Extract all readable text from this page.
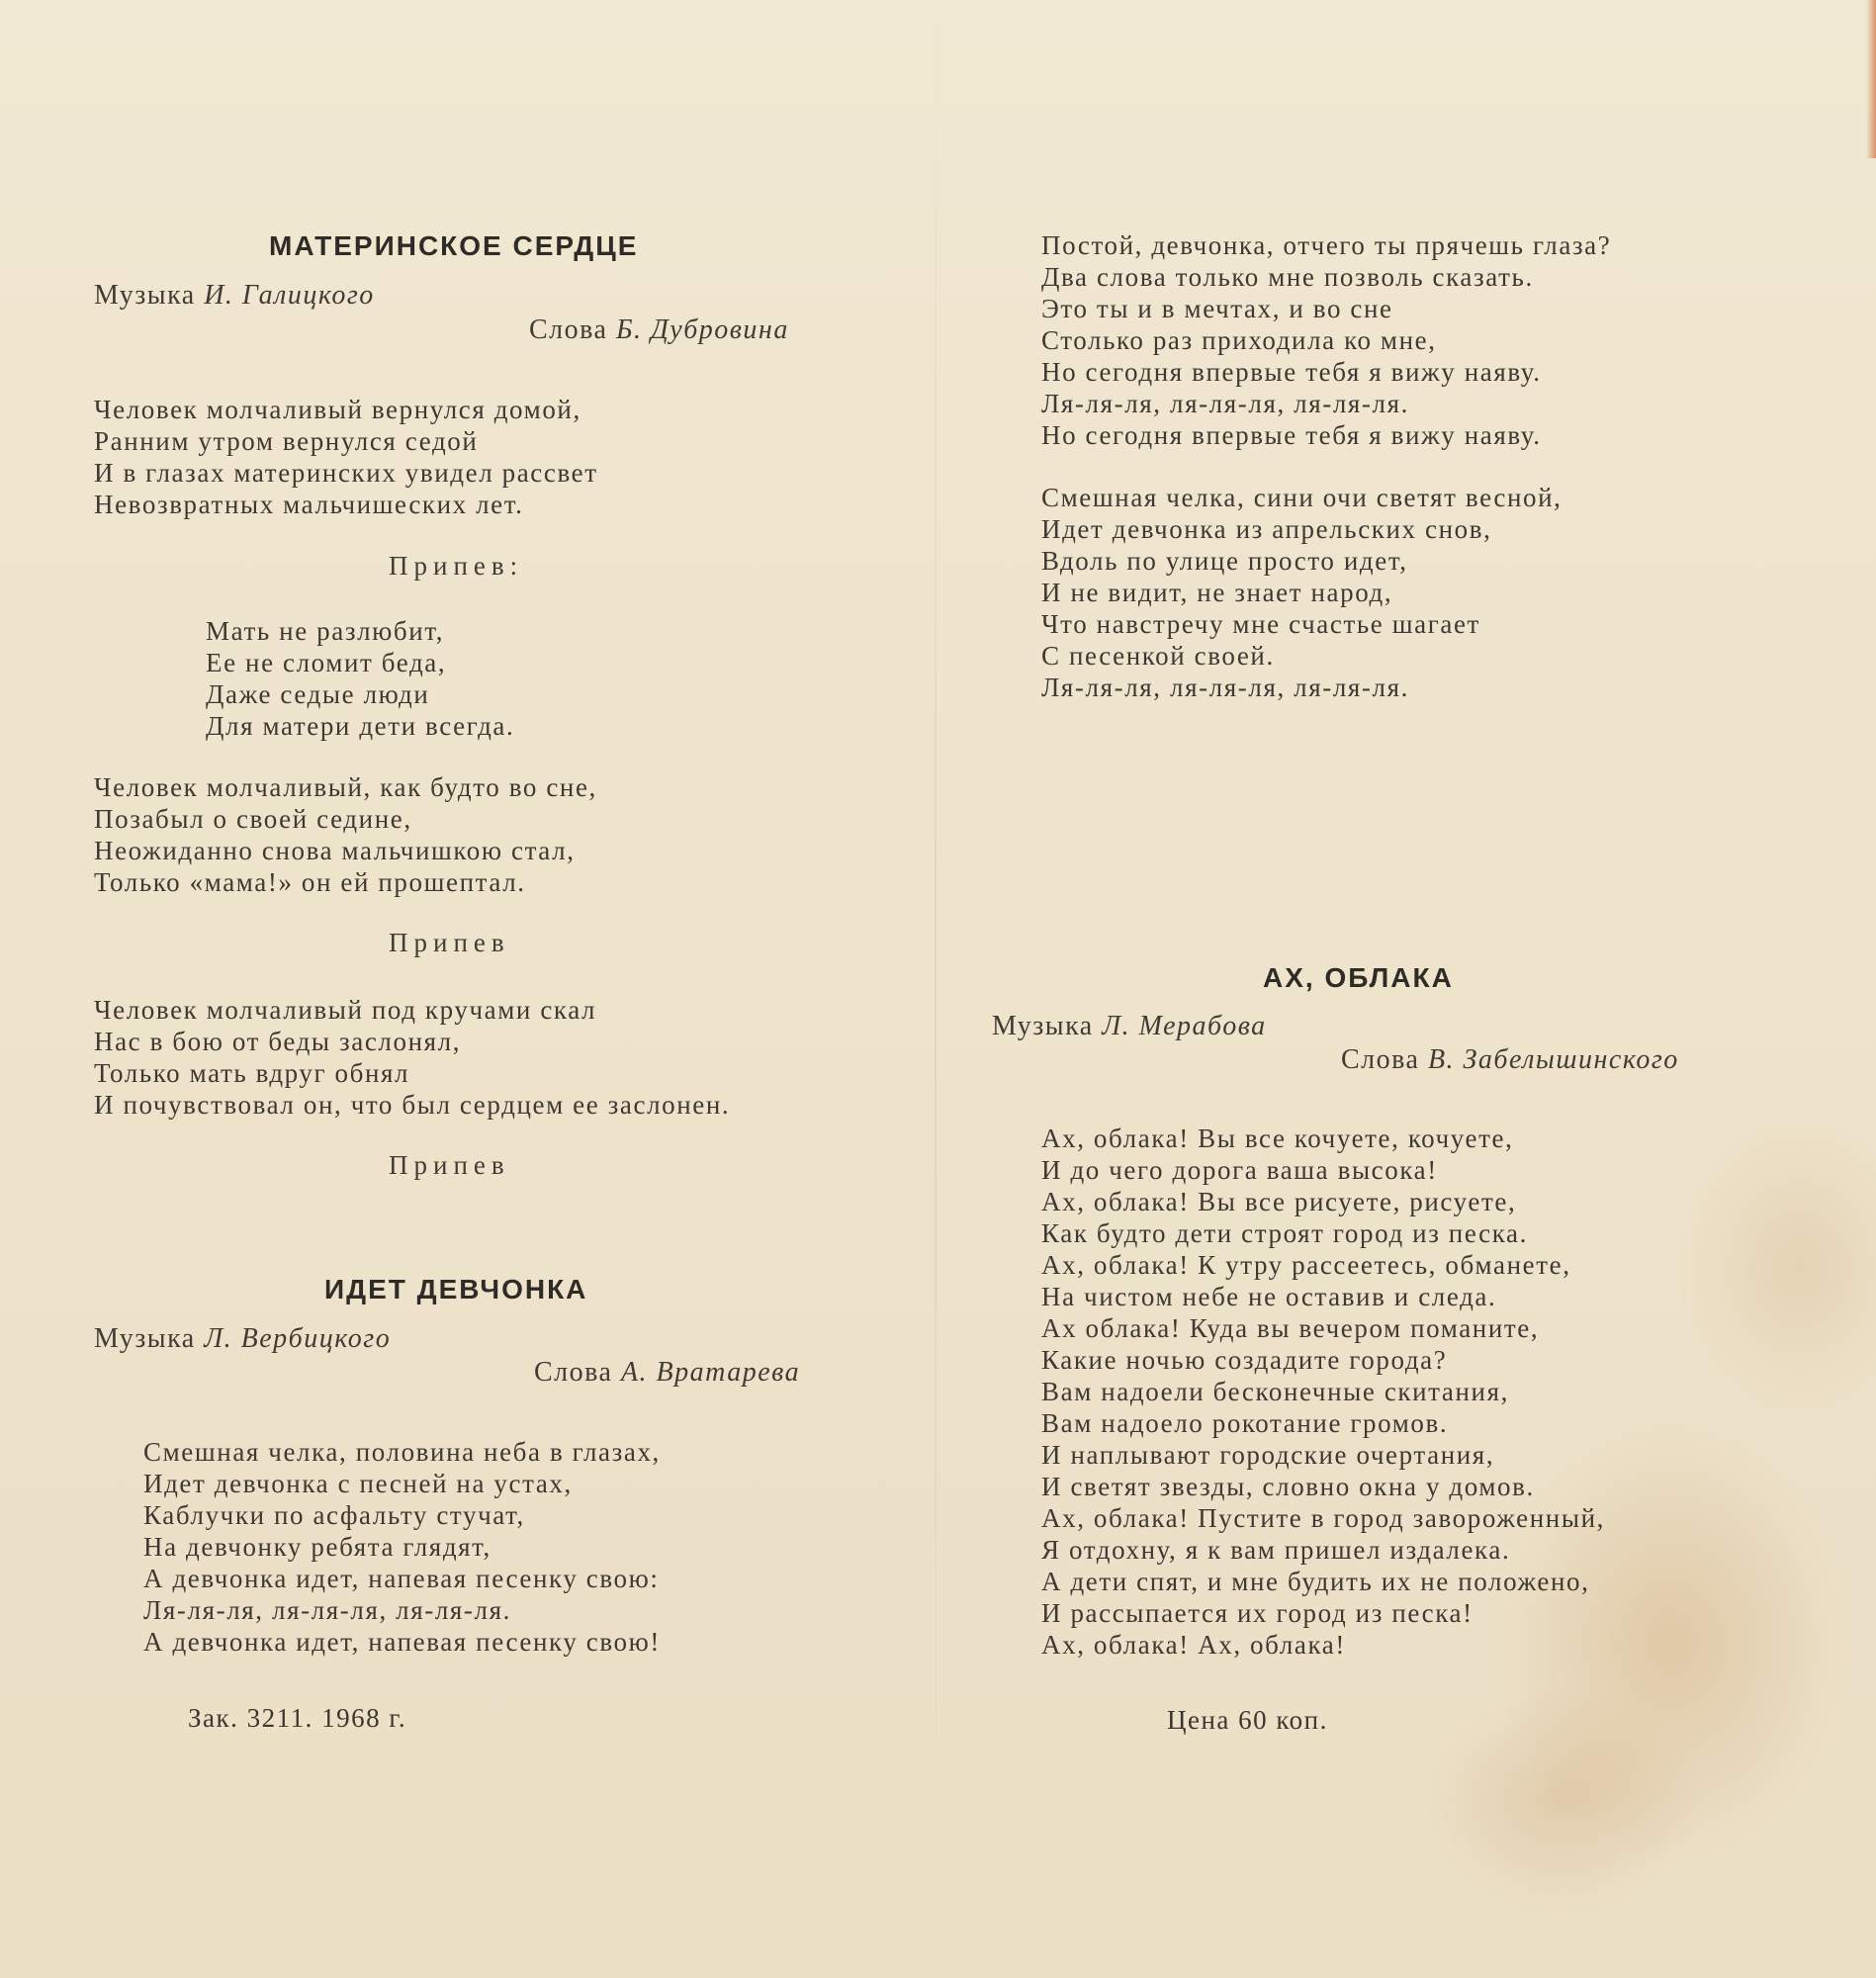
МАТЕРИНСКОЕ СЕРДЦЕ
Музыка И. Галицкого
Слова Б. Дубровина
Человек молчаливый вернулся домой,
Ранним утром вернулся седой
И в глазах материнских увидел рассвет
Невозвратных мальчишеских лет.
Припев:
Мать не разлюбит,
Ее не сломит беда,
Даже седые люди
Для матери дети всегда.
Человек молчаливый, как будто во сне,
Позабыл о своей седине,
Неожиданно снова мальчишкою стал,
Только «мама!» он ей прошептал.
Припев
Человек молчаливый под кручами скал
Нас в бою от беды заслонял,
Только мать вдруг обнял
И почувствовал он, что был сердцем ее заслонен.
Припев
ИДЕТ ДЕВЧОНКА
Музыка Л. Вербицкого
Слова А. Вратарева
Смешная челка, половина неба в глазах,
Идет девчонка с песней на устах,
Каблучки по асфальту стучат,
На девчонку ребята глядят,
А девчонка идет, напевая песенку свою:
Ля-ля-ля, ля-ля-ля, ля-ля-ля.
А девчонка идет, напевая песенку свою!
Зак. 3211. 1968 г.
Постой, девчонка, отчего ты прячешь глаза?
Два слова только мне позволь сказать.
Это ты и в мечтах, и во сне
Столько раз приходила ко мне,
Но сегодня впервые тебя я вижу наяву.
Ля-ля-ля, ля-ля-ля, ля-ля-ля.
Но сегодня впервые тебя я вижу наяву.
Смешная челка, сини очи светят весной,
Идет девчонка из апрельских снов,
Вдоль по улице просто идет,
И не видит, не знает народ,
Что навстречу мне счастье шагает
С песенкой своей.
Ля-ля-ля, ля-ля-ля, ля-ля-ля.
АХ, ОБЛАКА
Музыка Л. Мерабова
Слова В. Забелышинского
Ах, облака! Вы все кочуете, кочуете,
И до чего дорога ваша высока!
Ах, облака! Вы все рисуете, рисуете,
Как будто дети строят город из песка.
Ах, облака! К утру рассеетесь, обманете,
На чистом небе не оставив и следа.
Ах облака! Куда вы вечером поманите,
Какие ночью создадите города?
Вам надоели бесконечные скитания,
Вам надоело рокотание громов.
И наплывают городские очертания,
И светят звезды, словно окна у домов.
Ах, облака! Пустите в город завороженный,
Я отдохну, я к вам пришел издалека.
А дети спят, и мне будить их не положено,
И рассыпается их город из песка!
Ах, облака! Ах, облака!
Цена 60 коп.
